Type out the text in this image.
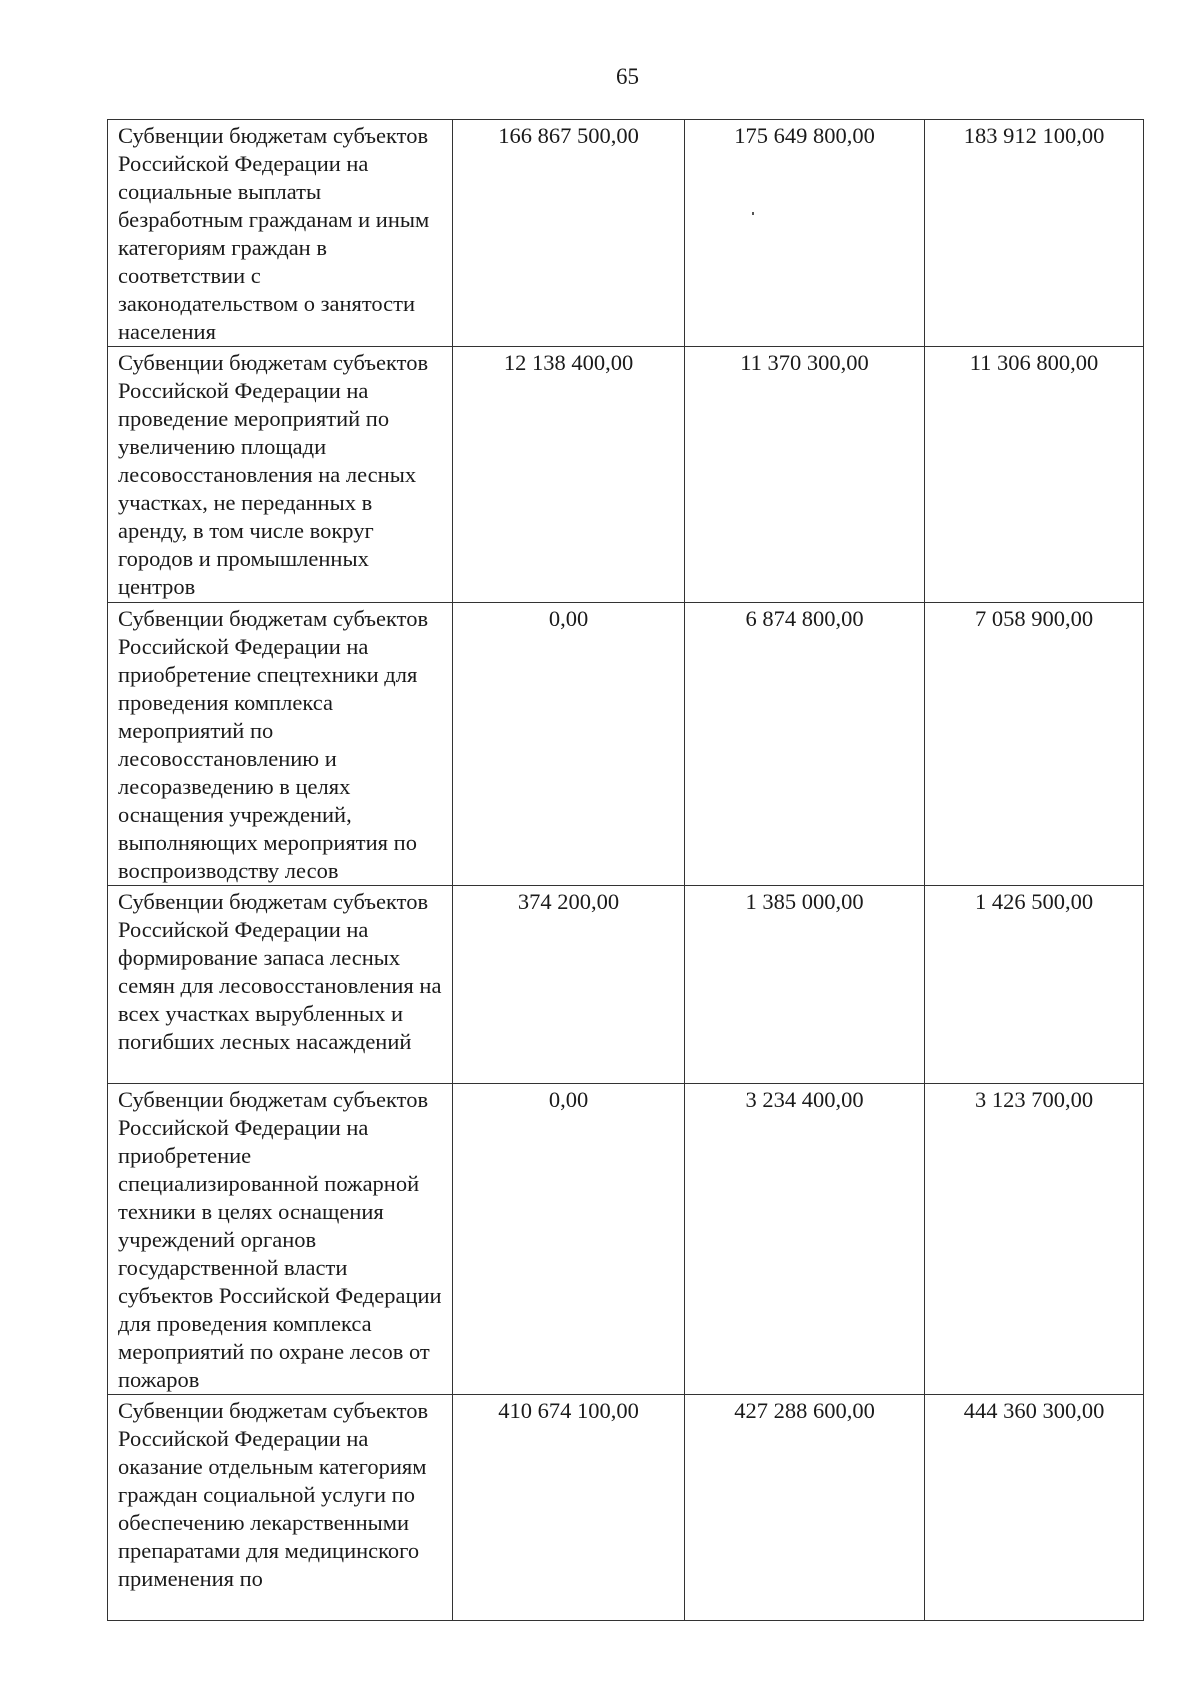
65
Субвенции бюджетам субъектов Российской Федерации на социальные выплаты безработным гражданам и иным категориям граждан в соответствии с законодательством о занятости населения	166 867 500,00	175 649 800,00	183 912 100,00
Субвенции бюджетам субъектов Российской Федерации на проведение мероприятий по увеличению площади лесовосстановления на лесных участках, не переданных в аренду, в том числе вокруг городов и промышленных центров	12 138 400,00	11 370 300,00	11 306 800,00
Субвенции бюджетам субъектов Российской Федерации на приобретение спецтехники для проведения комплекса мероприятий по лесовосстановлению и лесоразведению в целях оснащения учреждений, выполняющих мероприятия по воспроизводству лесов	0,00	6 874 800,00	7 058 900,00
Субвенции бюджетам субъектов Российской Федерации на формирование запаса лесных семян для лесовосстановления на всех участках вырубленных и погибших лесных насаждений	374 200,00	1 385 000,00	1 426 500,00
Субвенции бюджетам субъектов Российской Федерации на приобретение специализированной пожарной техники в целях оснащения учреждений органов государственной власти субъектов Российской Федерации для проведения комплекса мероприятий по охране лесов от пожаров	0,00	3 234 400,00	3 123 700,00
Субвенции бюджетам субъектов Российской Федерации на оказание отдельным категориям граждан социальной услуги по обеспечению лекарственными препаратами для медицинского применения по	410 674 100,00	427 288 600,00	444 360 300,00
